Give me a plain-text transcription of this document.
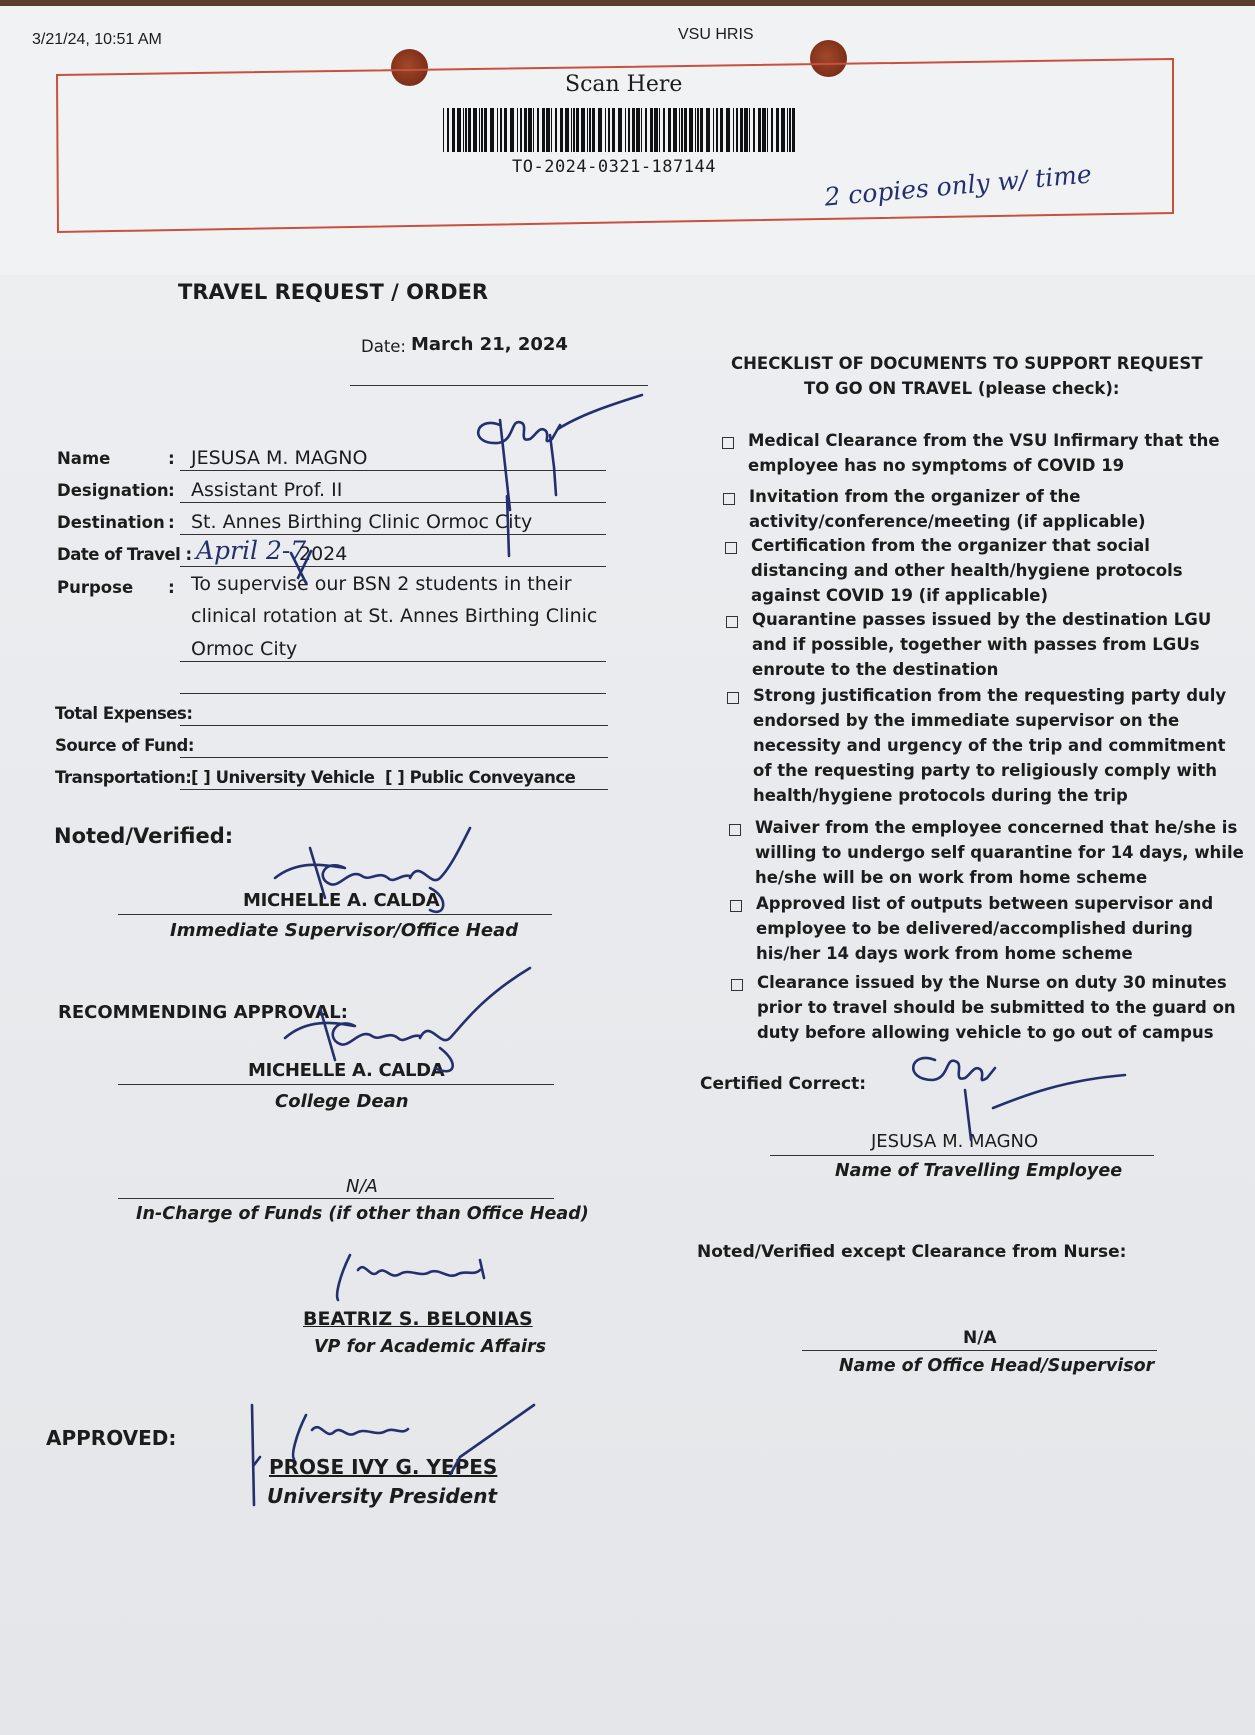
3/21/24, 10:51 AM	VSU HRIS
Scan Here
TO-2024-0321-187144	2 copies only w/ time
TRAVEL REQUEST / ORDER
Date: March 21, 2024
Name	: JESUSA M. MAGNO
Designation : Assistant Prof. II
Destination : St. Annes Birthing Clinic Ormoc City
Date of Travel : April 2-7
2024
Purpose : To supervise our BSN 2 students in their
clinical rotation at St. Annes Birthing Clinic
Ormoc City
Total Expenses:
Source of Fund:
Transportation: [ ] University Vehicle [ ] Public Conveyance
Noted/Verified:
MICHELLE A. CALDA
Immediate Supervisor/Office Head
RECOMMENDING APPROVAL:
MICHELLE A. CALDA
College Dean
N/A
In-Charge of Funds (if other than Office Head)
BEATRIZ S. BELONIAS
VP for Academic Affairs
APPROVED:
PROSE IVY G. YEPES
University President
CHECKLIST OF DOCUMENTS TO SUPPORT REQUEST
TO GO ON TRAVEL (please check):
Medical Clearance from the VSU Infirmary that the
employee has no symptoms of COVID 19
Invitation from the organizer of the
activity/conference/meeting (if applicable)
Certification from the organizer that social
distancing and other health/hygiene protocols
against COVID 19 (if applicable)
Quarantine passes issued by the destination LGU
and if possible, together with passes from LGUs
enroute to the destination
Strong justification from the requesting party duly
endorsed by the immediate supervisor on the
necessity and urgency of the trip and commitment
of the requesting party to religiously comply with
health/hygiene protocols during the trip
Waiver from the employee concerned that he/she is
willing to undergo self quarantine for 14 days, while
he/she will be on work from home scheme
Approved list of outputs between supervisor and
employee to be delivered/accomplished during
his/her 14 days work from home scheme
Clearance issued by the Nurse on duty 30 minutes
prior to travel should be submitted to the guard on
duty before allowing vehicle to go out of campus
Certified Correct:
JESUSA M. MAGNO
Name of Travelling Employee
Noted/Verified except Clearance from Nurse:
N/A
Name of Office Head/Supervisor
